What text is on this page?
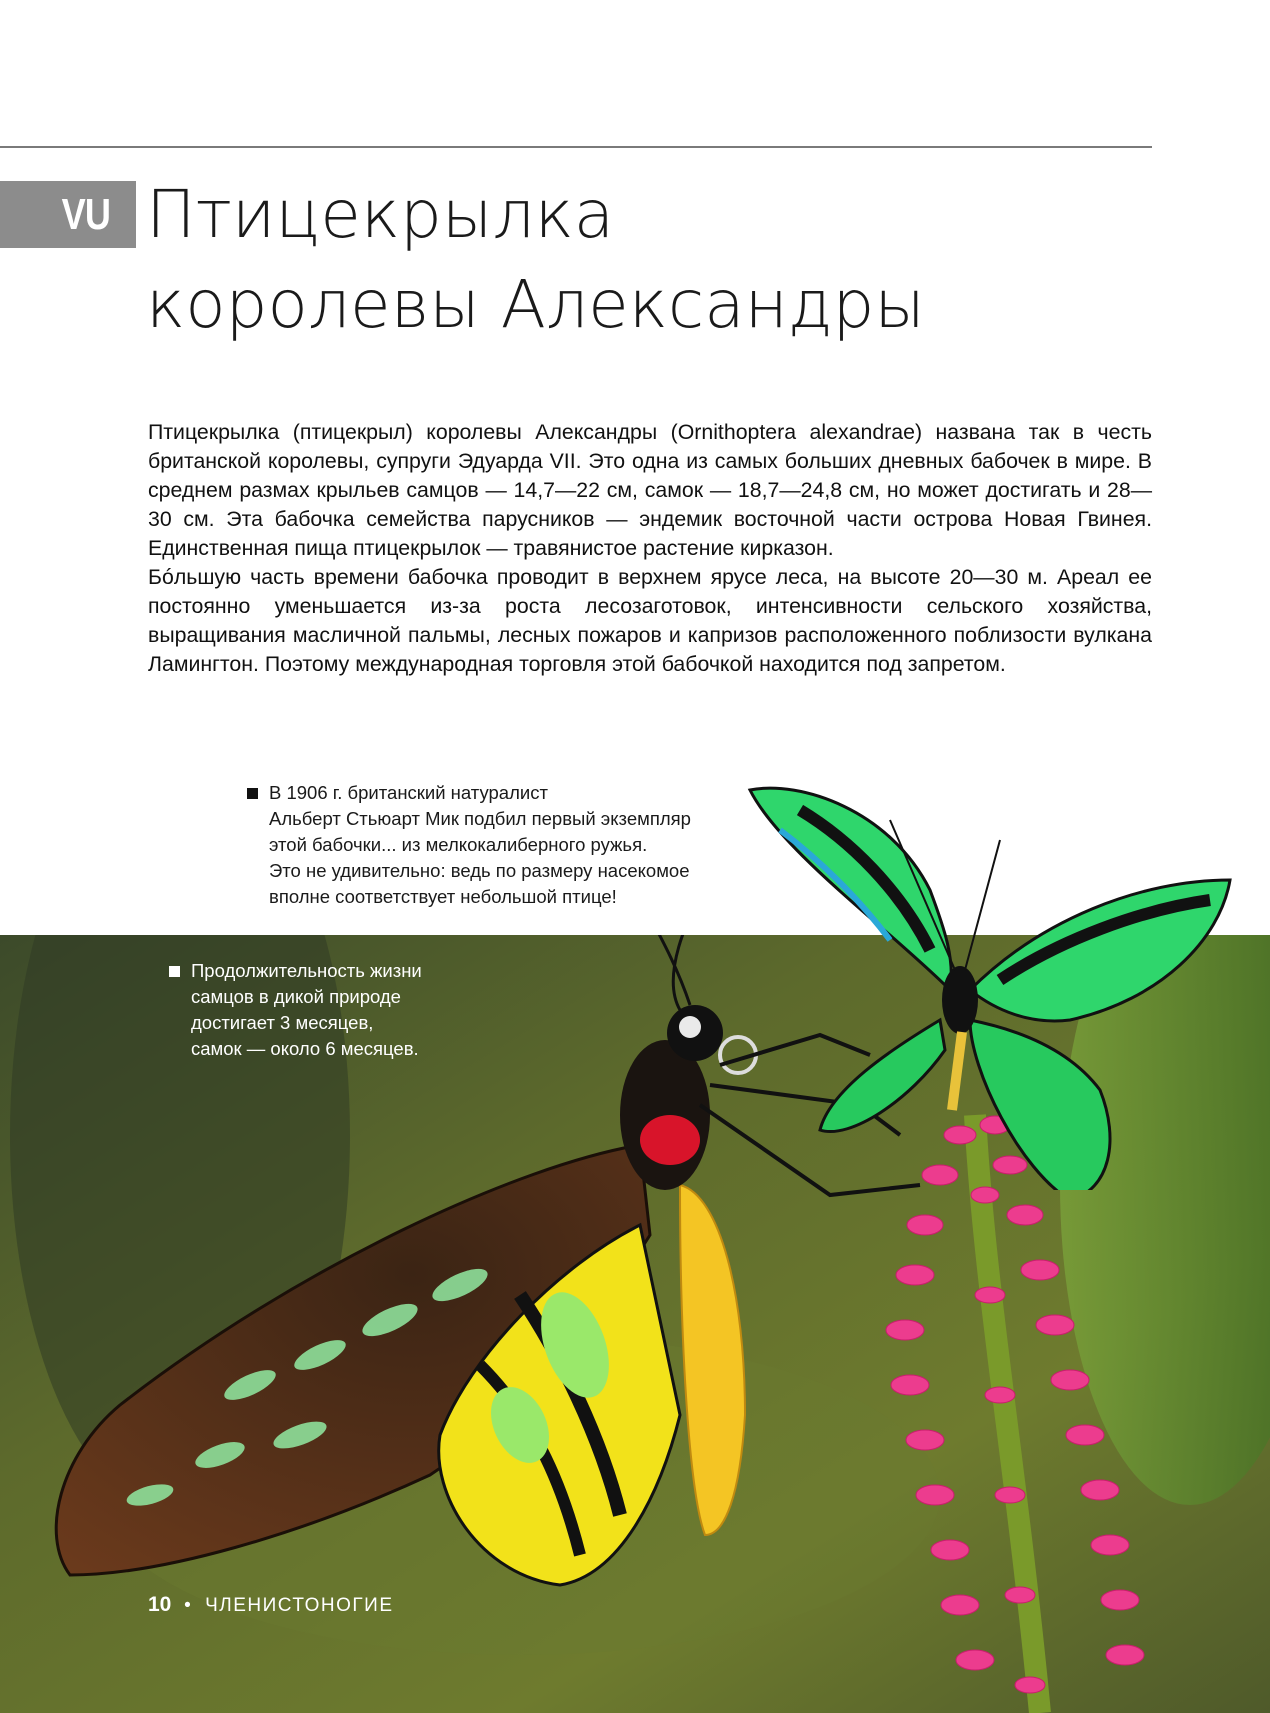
VU Птицекрылка
королевы Александры

Птицекрылка (птицекрыл) королевы Александры (Ornithoptera alexandrae) названа так в честь британской королевы, супруги Эдуарда VII. Это одна из самых больших дневных бабочек в мире. В среднем размах крыльев самцов — 14,7—22 см, самок — 18,7—24,8 см, но может достигать и 28—30 см. Эта бабочка семейства парусников — эндемик восточной части острова Новая Гвинея. Единственная пища птицекрылок — травянистое растение кирказон.

Бóльшую часть времени бабочка проводит в верхнем ярусе леса, на высоте 20—30 м. Ареал ее постоянно уменьшается из-за роста лесозаготовок, интенсивности сельского хозяйства, выращивания масличной пальмы, лесных пожаров и капризов расположенного поблизости вулкана Ламингтон. Поэтому международная торговля этой бабочкой находится под запретом.

В 1906 г. британский натуралист
Альберт Стьюарт Мик подбил первый экземпляр
этой бабочки... из мелкокалиберного ружья.
Это не удивительно: ведь по размеру насекомое
вполне соответствует небольшой птице!
Продолжительность жизни
самцов в дикой природе
достигает 3 месяцев,
самок — около 6 месяцев.
10 • ЧЛЕНИСТОНОГИЕ
